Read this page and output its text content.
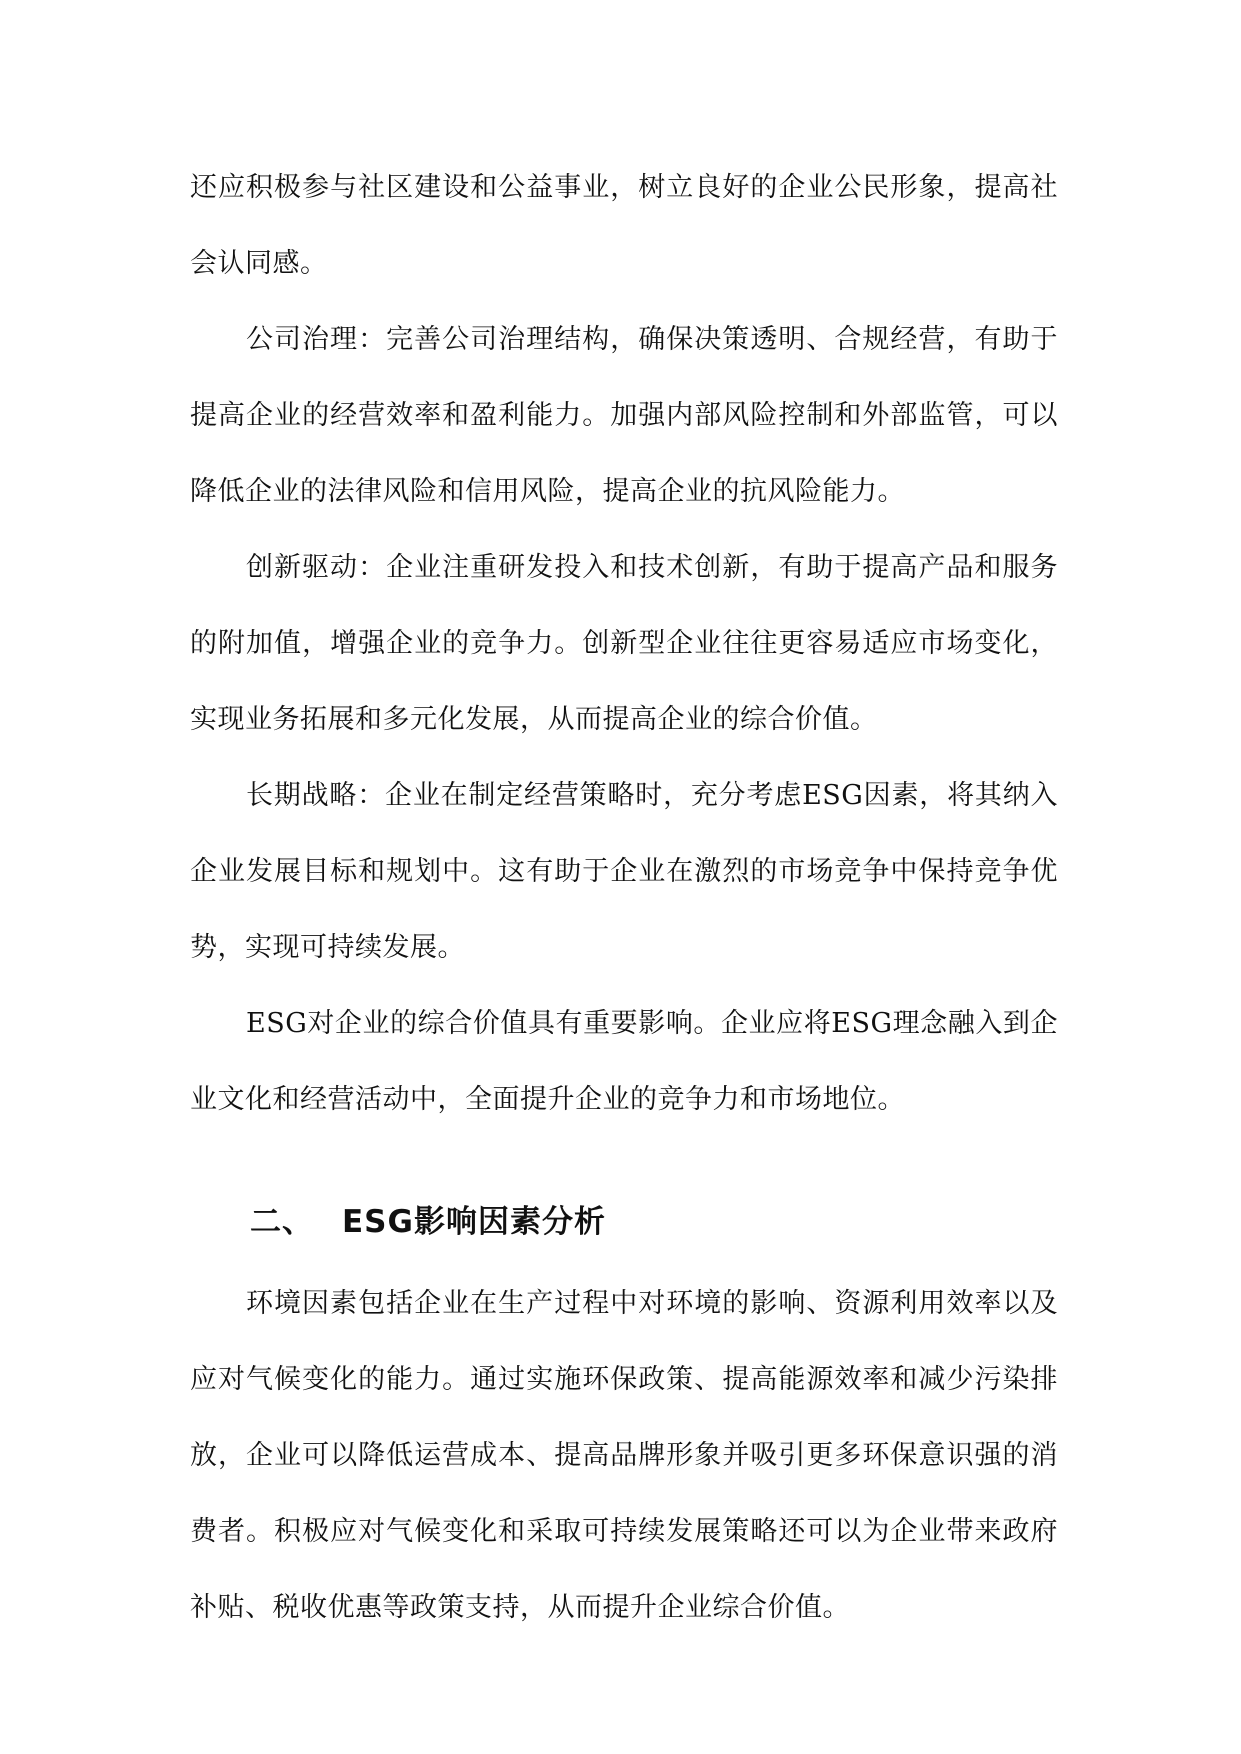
还应积极参与社区建设和公益事业，树立良好的企业公民形象，提高社会认同感。

公司治理：完善公司治理结构，确保决策透明、合规经营，有助于提高企业的经营效率和盈利能力。加强内部风险控制和外部监管，可以降低企业的法律风险和信用风险，提高企业的抗风险能力。

创新驱动：企业注重研发投入和技术创新，有助于提高产品和服务的附加值，增强企业的竞争力。创新型企业往往更容易适应市场变化，实现业务拓展和多元化发展，从而提高企业的综合价值。

长期战略：企业在制定经营策略时，充分考虑ESG因素，将其纳入企业发展目标和规划中。这有助于企业在激烈的市场竞争中保持竞争优势，实现可持续发展。

ESG对企业的综合价值具有重要影响。企业应将ESG理念融入到企业文化和经营活动中，全面提升企业的竞争力和市场地位。

二、 ESG影响因素分析

环境因素包括企业在生产过程中对环境的影响、资源利用效率以及应对气候变化的能力。通过实施环保政策、提高能源效率和减少污染排放，企业可以降低运营成本、提高品牌形象并吸引更多环保意识强的消费者。积极应对气候变化和采取可持续发展策略还可以为企业带来政府补贴、税收优惠等政策支持，从而提升企业综合价值。
